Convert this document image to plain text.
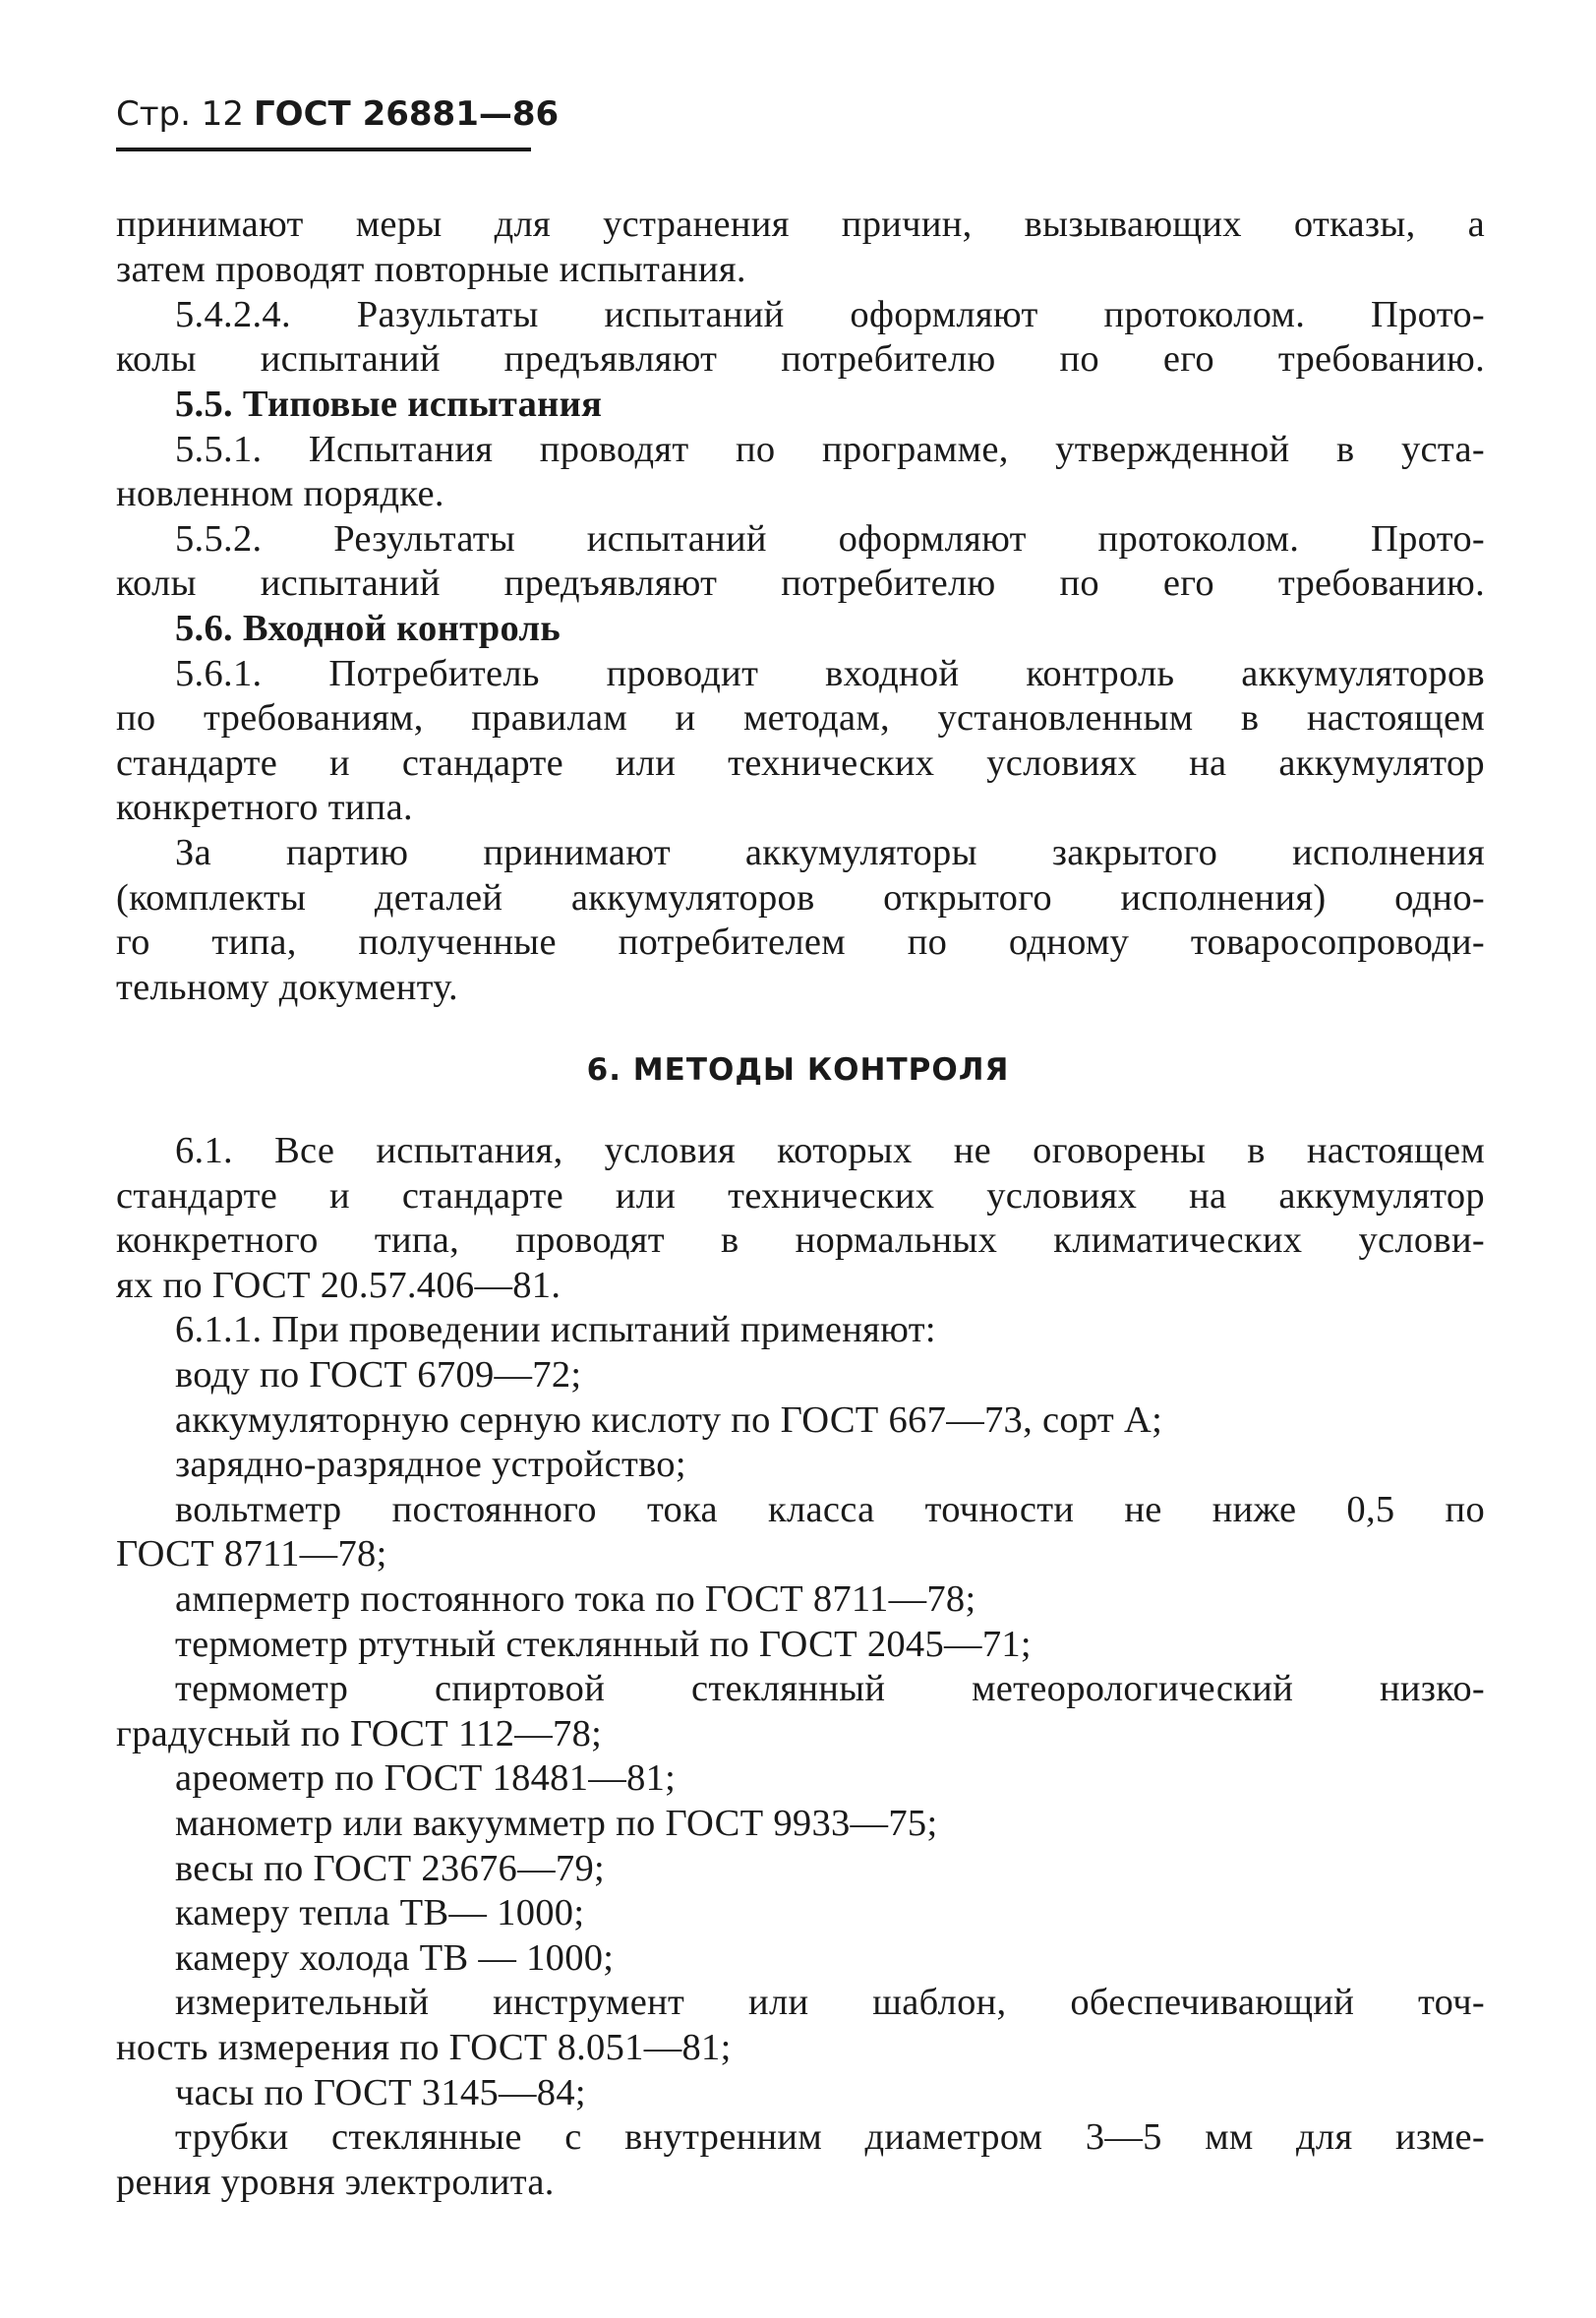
Стр. 12 ГОСТ 26881—86
принимают меры для устранения причин, вызывающих отказы, а
затем проводят повторные испытания.
5.4.2.4. Разультаты испытаний оформляют протоколом. Прото-
колы испытаний предъявляют потребителю по его требованию.
5.5. Типовые испытания
5.5.1. Испытания проводят по программе, утвержденной в уста-
новленном порядке.
5.5.2. Результаты испытаний оформляют протоколом. Прото-
колы испытаний предъявляют потребителю по его требованию.
5.6. Входной контроль
5.6.1. Потребитель проводит входной контроль аккумуляторов
по требованиям, правилам и методам, установленным в настоящем
стандарте и стандарте или технических условиях на аккумулятор
конкретного типа.
За партию принимают аккумуляторы закрытого исполнения
(комплекты деталей аккумуляторов открытого исполнения) одно-
го типа, полученные потребителем по одному товаросопроводи-
тельному документу.
6. МЕТОДЫ КОНТРОЛЯ
6.1. Все испытания, условия которых не оговорены в настоящем
стандарте и стандарте или технических условиях на аккумулятор
конкретного типа, проводят в нормальных климатических услови-
ях по ГОСТ 20.57.406—81.
6.1.1. При проведении испытаний применяют:
воду по ГОСТ 6709—72;
аккумуляторную серную кислоту по ГОСТ 667—73, сорт А;
зарядно-разрядное устройство;
вольтметр постоянного тока класса точности не ниже 0,5 по
ГОСТ 8711—78;
амперметр постоянного тока по ГОСТ 8711—78;
термометр ртутный стеклянный по ГОСТ 2045—71;
термометр спиртовой стеклянный метеорологический низко-
градусный по ГОСТ 112—78;
ареометр по ГОСТ 18481—81;
манометр или вакуумметр по ГОСТ 9933—75;
весы по ГОСТ 23676—79;
камеру тепла ТВ— 1000;
камеру холода ТВ — 1000;
измерительный инструмент или шаблон, обеспечивающий точ-
ность измерения по ГОСТ 8.051—81;
часы по ГОСТ 3145—84;
трубки стеклянные с внутренним диаметром 3—5 мм для изме-
рения уровня электролита.
